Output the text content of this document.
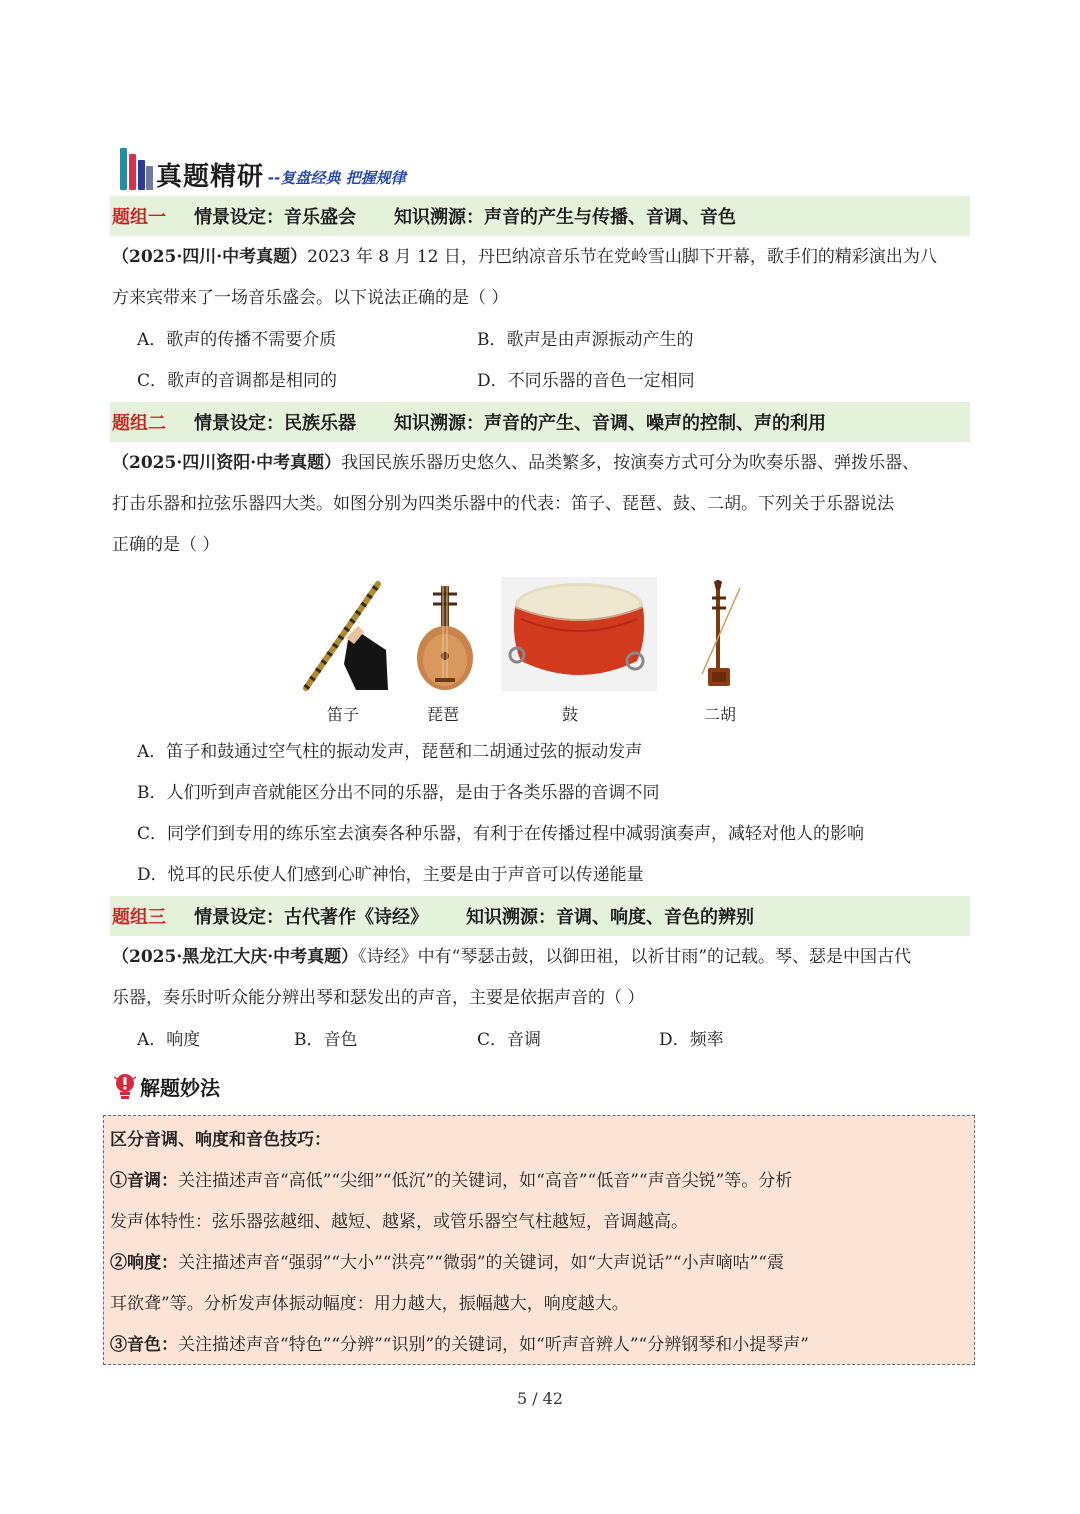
真题精研 --复盘经典 把握规律
题组一 情景设定：音乐盛会 知识溯源：声音的产生与传播、音调、音色
（2025·四川·中考真题）2023 年 8 月 12 日，丹巴纳凉音乐节在党岭雪山脚下开幕，歌手们的精彩演出为八
方来宾带来了一场音乐盛会。以下说法正确的是（ ）
A．歌声的传播不需要介质	B．歌声是由声源振动产生的
C．歌声的音调都是相同的	D．不同乐器的音色一定相同
题组二 情景设定：民族乐器 知识溯源：声音的产生、音调、噪声的控制、声的利用
（2025·四川资阳·中考真题）我国民族乐器历史悠久、品类繁多，按演奏方式可分为吹奏乐器、弹拨乐器、
打击乐器和拉弦乐器四大类。如图分别为四类乐器中的代表：笛子、琵琶、鼓、二胡。下列关于乐器说法
正确的是（ ）
笛子	琵琶	鼓	二胡
A．笛子和鼓通过空气柱的振动发声，琵琶和二胡通过弦的振动发声
B．人们听到声音就能区分出不同的乐器，是由于各类乐器的音调不同
C．同学们到专用的练乐室去演奏各种乐器，有利于在传播过程中减弱演奏声，减轻对他人的影响
D．悦耳的民乐使人们感到心旷神怡，主要是由于声音可以传递能量
题组三 情景设定：古代著作《诗经》 知识溯源：音调、响度、音色的辨别
（2025·黑龙江大庆·中考真题）《诗经》中有“琴瑟击鼓，以御田祖，以祈甘雨”的记载。琴、瑟是中国古代
乐器，奏乐时听众能分辨出琴和瑟发出的声音，主要是依据声音的（ ）
A．响度	B．音色	C．音调	D．频率
解题妙法
区分音调、响度和音色技巧：
①音调：关注描述声音“高低”“尖细”“低沉”的关键词，如“高音”“低音”“声音尖锐”等。分析
发声体特性：弦乐器弦越细、越短、越紧，或管乐器空气柱越短，音调越高。
②响度：关注描述声音“强弱”“大小”“洪亮”“微弱”的关键词，如“大声说话”“小声嘀咕”“震
耳欲聋”等。分析发声体振动幅度：用力越大，振幅越大，响度越大。
③音色：关注描述声音“特色”“分辨”“识别”的关键词，如“听声音辨人”“分辨钢琴和小提琴声”
5 / 42
